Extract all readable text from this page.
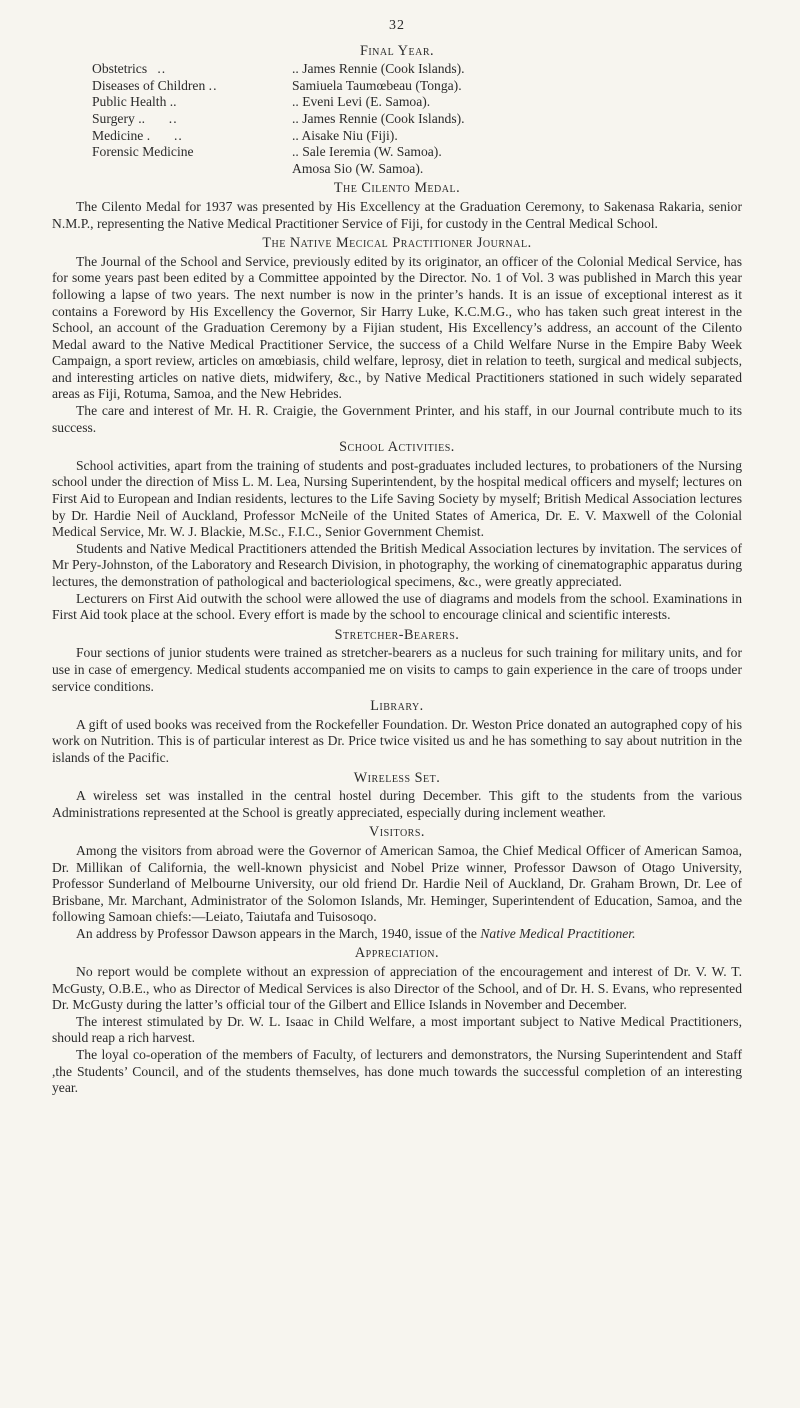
32
Final Year.
Obstetrics ..	.. James Rennie (Cook Islands).
Diseases of Children ..	Samiuela Taumœbeau (Tonga).
Public Health ..	.. Eveni Levi (E. Samoa).
Surgery .. ..	.. James Rennie (Cook Islands).
Medicine . ..	.. Aisake Niu (Fiji).
Forensic Medicine	.. Sale Ieremia (W. Samoa).
Amosa Sio (W. Samoa).
The Cilento Medal.

The Cilento Medal for 1937 was presented by His Excellency at the Graduation Ceremony, to Sakenasa Rakaria, senior N.M.P., representing the Native Medical Practitioner Service of Fiji, for custody in the Central Medical School.

The Native Mecical Practitioner Journal.

The Journal of the School and Service, previously edited by its originator, an officer of the Colonial Medical Service, has for some years past been edited by a Committee appointed by the Director. No. 1 of Vol. 3 was published in March this year following a lapse of two years. The next number is now in the printer’s hands. It is an issue of exceptional interest as it contains a Foreword by His Excellency the Governor, Sir Harry Luke, K.C.M.G., who has taken such great interest in the School, an account of the Graduation Ceremony by a Fijian student, His Excellency’s address, an account of the Cilento Medal award to the Native Medical Practitioner Service, the success of a Child Welfare Nurse in the Empire Baby Week Campaign, a sport review, articles on amœbiasis, child welfare, leprosy, diet in relation to teeth, surgical and medical subjects, and interesting articles on native diets, midwifery, &c., by Native Medical Practitioners stationed in such widely separated areas as Fiji, Rotuma, Samoa, and the New Hebrides.

The care and interest of Mr. H. R. Craigie, the Government Printer, and his staff, in our Journal contribute much to its success.

School Activities.

School activities, apart from the training of students and post-graduates included lectures, to probationers of the Nursing school under the direction of Miss L. M. Lea, Nursing Superintendent, by the hospital medical officers and myself; lectures on First Aid to European and Indian residents, lectures to the Life Saving Society by myself; British Medical Association lectures by Dr. Hardie Neil of Auckland, Professor McNeile of the United States of America, Dr. E. V. Maxwell of the Colonial Medical Service, Mr. W. J. Blackie, M.Sc., F.I.C., Senior Government Chemist.

Students and Native Medical Practitioners attended the British Medical Association lectures by invitation. The services of Mr Pery-Johnston, of the Laboratory and Research Division, in photography, the working of cinematographic apparatus during lectures, the demonstration of pathological and bacteriological specimens, &c., were greatly appreciated.

Lecturers on First Aid outwith the school were allowed the use of diagrams and models from the school. Examinations in First Aid took place at the school. Every effort is made by the school to encourage clinical and scientific interests.

Stretcher-Bearers.

Four sections of junior students were trained as stretcher-bearers as a nucleus for such training for military units, and for use in case of emergency. Medical students accompanied me on visits to camps to gain experience in the care of troops under service conditions.

Library.

A gift of used books was received from the Rockefeller Foundation. Dr. Weston Price donated an autographed copy of his work on Nutrition. This is of particular interest as Dr. Price twice visited us and he has something to say about nutrition in the islands of the Pacific.

Wireless Set.

A wireless set was installed in the central hostel during December. This gift to the students from the various Administrations represented at the School is greatly appreciated, especially during inclement weather.

Visitors.

Among the visitors from abroad were the Governor of American Samoa, the Chief Medical Officer of American Samoa, Dr. Millikan of California, the well-known physicist and Nobel Prize winner, Professor Dawson of Otago University, Professor Sunderland of Melbourne University, our old friend Dr. Hardie Neil of Auckland, Dr. Graham Brown, Dr. Lee of Brisbane, Mr. Marchant, Administrator of the Solomon Islands, Mr. Heminger, Superintendent of Education, Samoa, and the following Samoan chiefs:—Leiato, Taiutafa and Tuisosoqo.

An address by Professor Dawson appears in the March, 1940, issue of the Native Medical Practitioner.

Appreciation.

No report would be complete without an expression of appreciation of the encouragement and interest of Dr. V. W. T. McGusty, O.B.E., who as Director of Medical Services is also Director of the School, and of Dr. H. S. Evans, who represented Dr. McGusty during the latter’s official tour of the Gilbert and Ellice Islands in November and December.

The interest stimulated by Dr. W. L. Isaac in Child Welfare, a most important subject to Native Medical Practitioners, should reap a rich harvest.

The loyal co-operation of the members of Faculty, of lecturers and demonstrators, the Nursing Superintendent and Staff ,the Students’ Council, and of the students themselves, has done much towards the successful completion of an interesting year.
